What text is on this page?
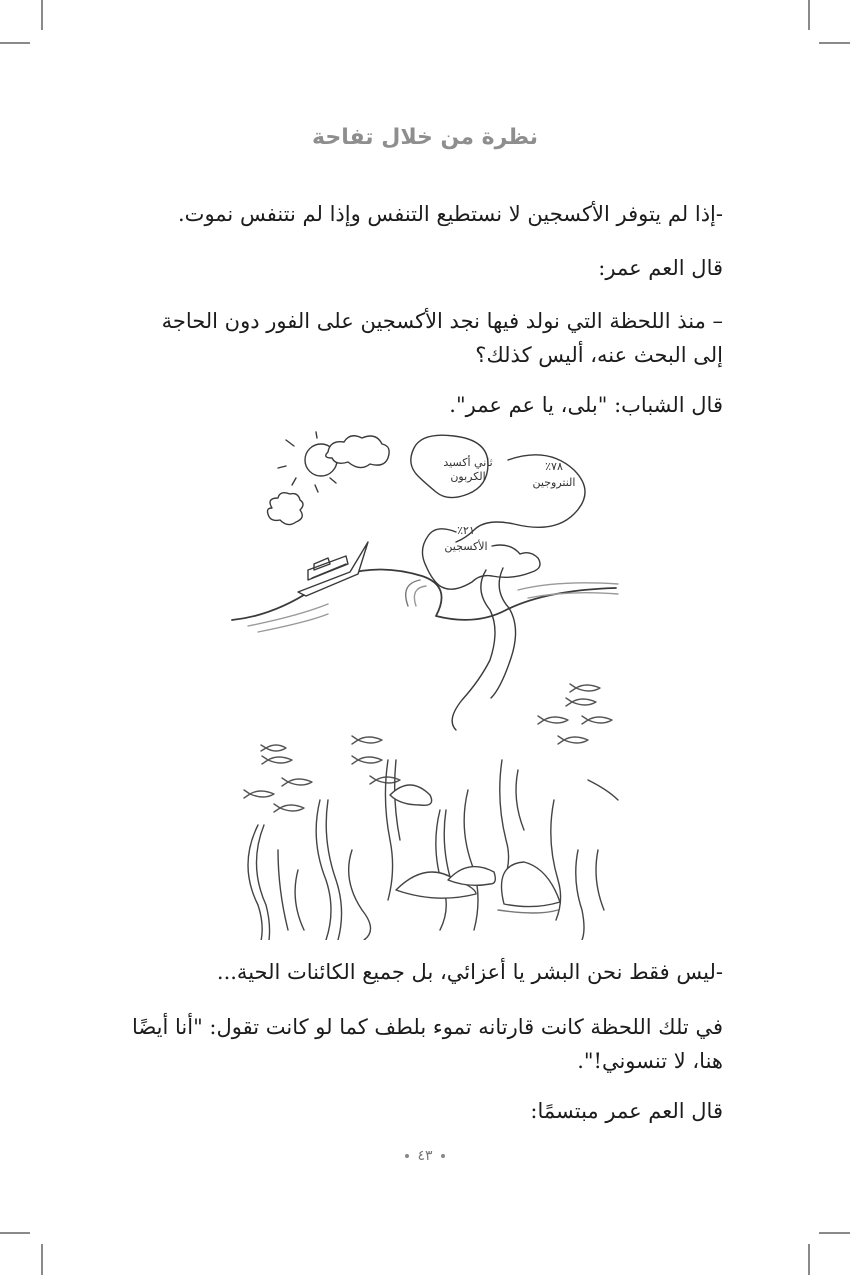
نظرة من خلال تفاحة

-إذا لم يتوفر الأكسجين لا نستطيع التنفس وإذا لم نتنفس نموت.

قال العم عمر:

– منذ اللحظة التي نولد فيها نجد الأكسجين على الفور دون الحاجة إلى البحث عنه، أليس كذلك؟

قال الشباب: "بلى، يا عم عمر".

ثاني أكسيد الكربون
٧٨٪
النتروجين
٢١٪
الأكسجين

-ليس فقط نحن البشر يا أعزائي، بل جميع الكائنات الحية...

في تلك اللحظة كانت قارتانه تموء بلطف كما لو كانت تقول: "أنا أيضًا هنا، لا تنسوني!".

قال العم عمر مبتسمًا:

٤٣
